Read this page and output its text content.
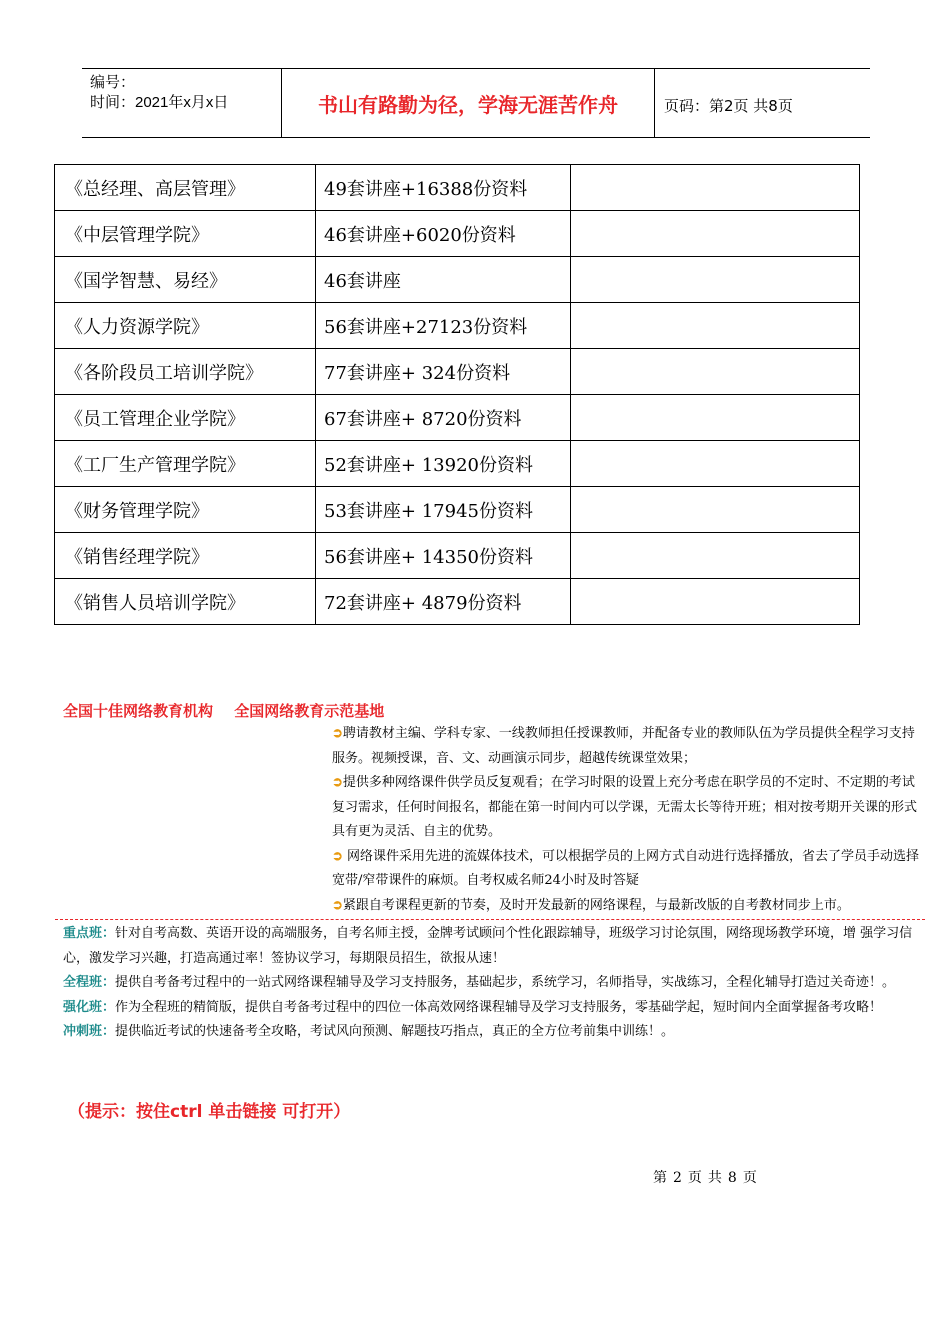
编号：
时间：2021年x月x日	书山有路勤为径，学海无涯苦作舟	页码：第2页 共8页
《总经理、高层管理》	49套讲座+16388份资料	
《中层管理学院》	46套讲座+6020份资料	
《国学智慧、易经》	46套讲座	
《人力资源学院》	56套讲座+27123份资料	
《各阶段员工培训学院》	77套讲座+ 324份资料	
《员工管理企业学院》	67套讲座+ 8720份资料	
《工厂生产管理学院》	52套讲座+ 13920份资料	
《财务管理学院》	53套讲座+ 17945份资料	
《销售经理学院》	56套讲座+ 14350份资料	
《销售人员培训学院》	72套讲座+ 4879份资料	
全国十佳网络教育机构 全国网络教育示范基地

➲聘请教材主编、学科专家、一线教师担任授课教师，并配备专业的教师队伍为学员提供全程学习支持服务。视频授课，音、文、动画演示同步，超越传统课堂效果；

➲提供多种网络课件供学员反复观看；在学习时限的设置上充分考虑在职学员的不定时、不定期的考试复习需求，任何时间报名，都能在第一时间内可以学课，无需太长等待开班；相对按考期开关课的形式具有更为灵活、自主的优势。

➲ 网络课件采用先进的流媒体技术，可以根据学员的上网方式自动进行选择播放，省去了学员手动选择宽带/窄带课件的麻烦。自考权威名师24小时及时答疑

➲紧跟自考课程更新的节奏，及时开发最新的网络课程，与最新改版的自考教材同步上市。

重点班：针对自考高数、英语开设的高端服务，自考名师主授，金牌考试顾问个性化跟踪辅导，班级学习讨论氛围，网络现场教学环境，增 强学习信心，激发学习兴趣，打造高通过率！签协议学习，每期限员招生，欲报从速！

全程班：提供自考备考过程中的一站式网络课程辅导及学习支持服务，基础起步，系统学习，名师指导，实战练习，全程化辅导打造过关奇迹！。

强化班：作为全程班的精简版，提供自考备考过程中的四位一体高效网络课程辅导及学习支持服务，零基础学起，短时间内全面掌握备考攻略！

冲刺班：提供临近考试的快速备考全攻略，考试风向预测、解题技巧指点，真正的全方位考前集中训练！。

（提示：按住ctrl 单击链接 可打开）
第 2 页 共 8 页
